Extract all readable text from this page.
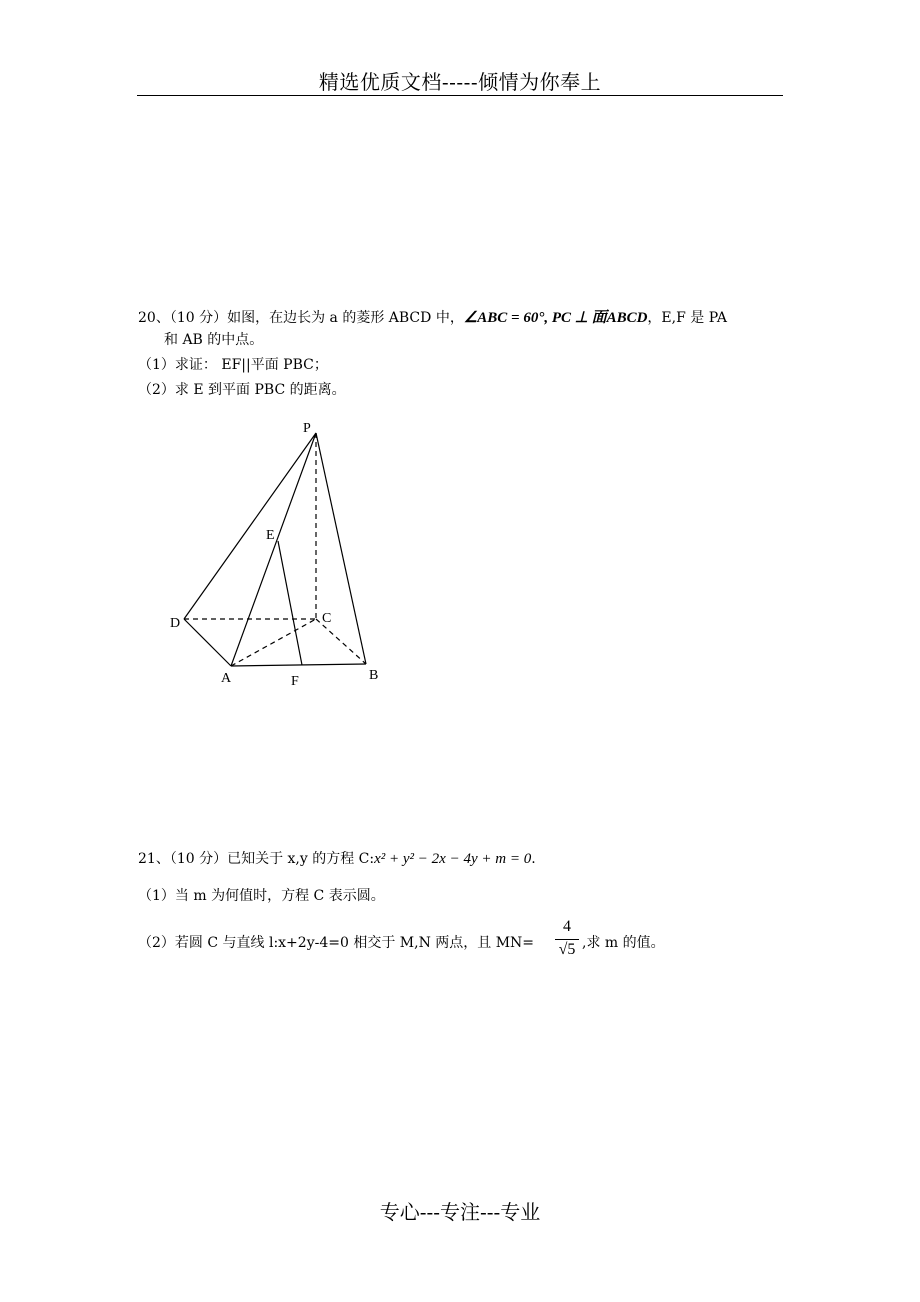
精选优质文档-----倾情为你奉上
20、（10 分）如图，在边长为 a 的菱形 ABCD 中，∠ABC = 60°, PC ⊥ 面ABCD，E,F 是 PA
和 AB 的中点。
（1）求证： EF||平面 PBC；
（2）求 E 到平面 PBC 的距离。
P
E
C
D
A	F	B
21、（10 分）已知关于 x,y 的方程 C:x² + y² − 2x − 4y + m = 0.
（1）当 m 为何值时，方程 C 表示圆。
（2）若圆 C 与直线 l:x+2y-4=0 相交于 M,N 两点，且 MN=
4
√5 ,求 m 的值。
专心---专注---专业
